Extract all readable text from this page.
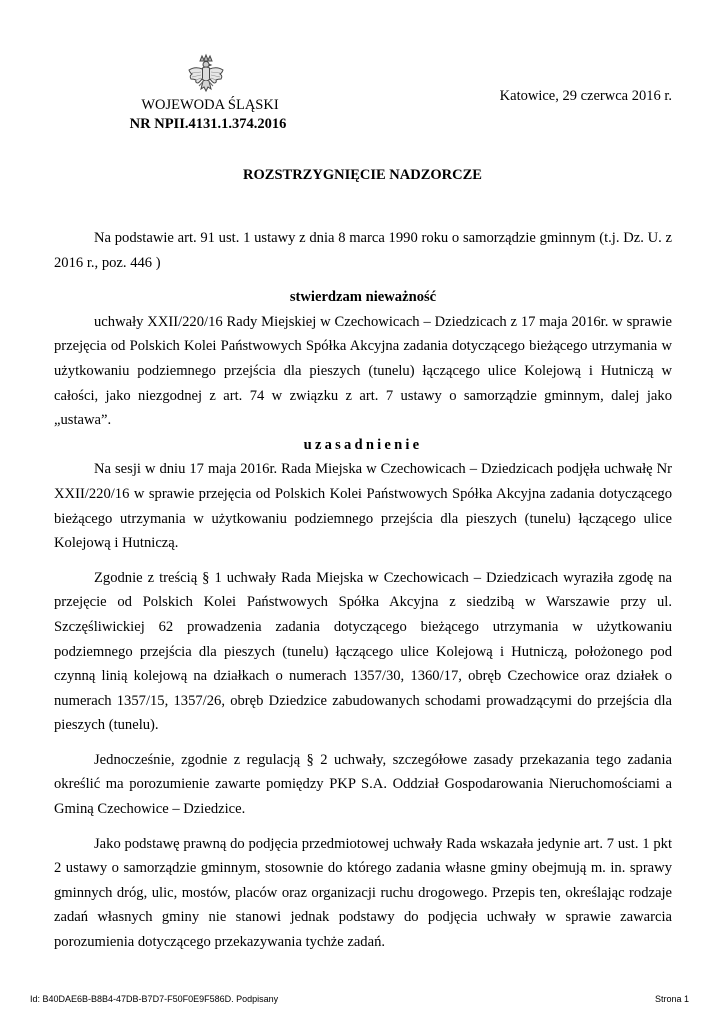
WOJEWODA ŚLĄSKI
NR NPII.4131.1.374.2016
Katowice, 29 czerwca 2016 r.
ROZSTRZYGNIĘCIE NADZORCZE

Na podstawie art. 91 ust. 1 ustawy z dnia 8 marca 1990 roku o samorządzie gminnym (t.j. Dz. U. z 2016 r., poz. 446 )

stwierdzam nieważność

uchwały XXII/220/16 Rady Miejskiej w Czechowicach – Dziedzicach z 17 maja 2016r. w sprawie przejęcia od Polskich Kolei Państwowych Spółka Akcyjna zadania dotyczącego bieżącego utrzymania w użytkowaniu podziemnego przejścia dla pieszych (tunelu) łączącego ulice Kolejową i Hutniczą w całości, jako niezgodnej z art. 74 w związku z art. 7 ustawy o samorządzie gminnym, dalej jako „ustawa”.

uzasadnienie

Na sesji w dniu 17 maja 2016r. Rada Miejska w Czechowicach – Dziedzicach podjęła uchwałę Nr XXII/220/16 w sprawie przejęcia od Polskich Kolei Państwowych Spółka Akcyjna zadania dotyczącego bieżącego utrzymania w użytkowaniu podziemnego przejścia dla pieszych (tunelu) łączącego ulice Kolejową i Hutniczą.

Zgodnie z treścią § 1 uchwały Rada Miejska w Czechowicach – Dziedzicach wyraziła zgodę na przejęcie od Polskich Kolei Państwowych Spółka Akcyjna z siedzibą w Warszawie przy ul. Szczęśliwickiej 62 prowadzenia zadania dotyczącego bieżącego utrzymania w użytkowaniu podziemnego przejścia dla pieszych (tunelu) łączącego ulice Kolejową i Hutniczą, położonego pod czynną linią kolejową na działkach o numerach 1357/30, 1360/17, obręb Czechowice oraz działek o numerach 1357/15, 1357/26, obręb Dziedzice zabudowanych schodami prowadzącymi do przejścia dla pieszych (tunelu).

Jednocześnie, zgodnie z regulacją § 2 uchwały, szczegółowe zasady przekazania tego zadania określić ma porozumienie zawarte pomiędzy PKP S.A. Oddział Gospodarowania Nieruchomościami a Gminą Czechowice – Dziedzice.

Jako podstawę prawną do podjęcia przedmiotowej uchwały Rada wskazała jedynie art. 7 ust. 1 pkt 2 ustawy o samorządzie gminnym, stosownie do którego zadania własne gminy obejmują m. in. sprawy gminnych dróg, ulic, mostów, placów oraz organizacji ruchu drogowego. Przepis ten, określając rodzaje zadań własnych gminy nie stanowi jednak podstawy do podjęcia uchwały w sprawie zawarcia porozumienia dotyczącego przekazywania tychże zadań.

Id: B40DAE6B-B8B4-47DB-B7D7-F50F0E9F586D. Podpisany	Strona 1
